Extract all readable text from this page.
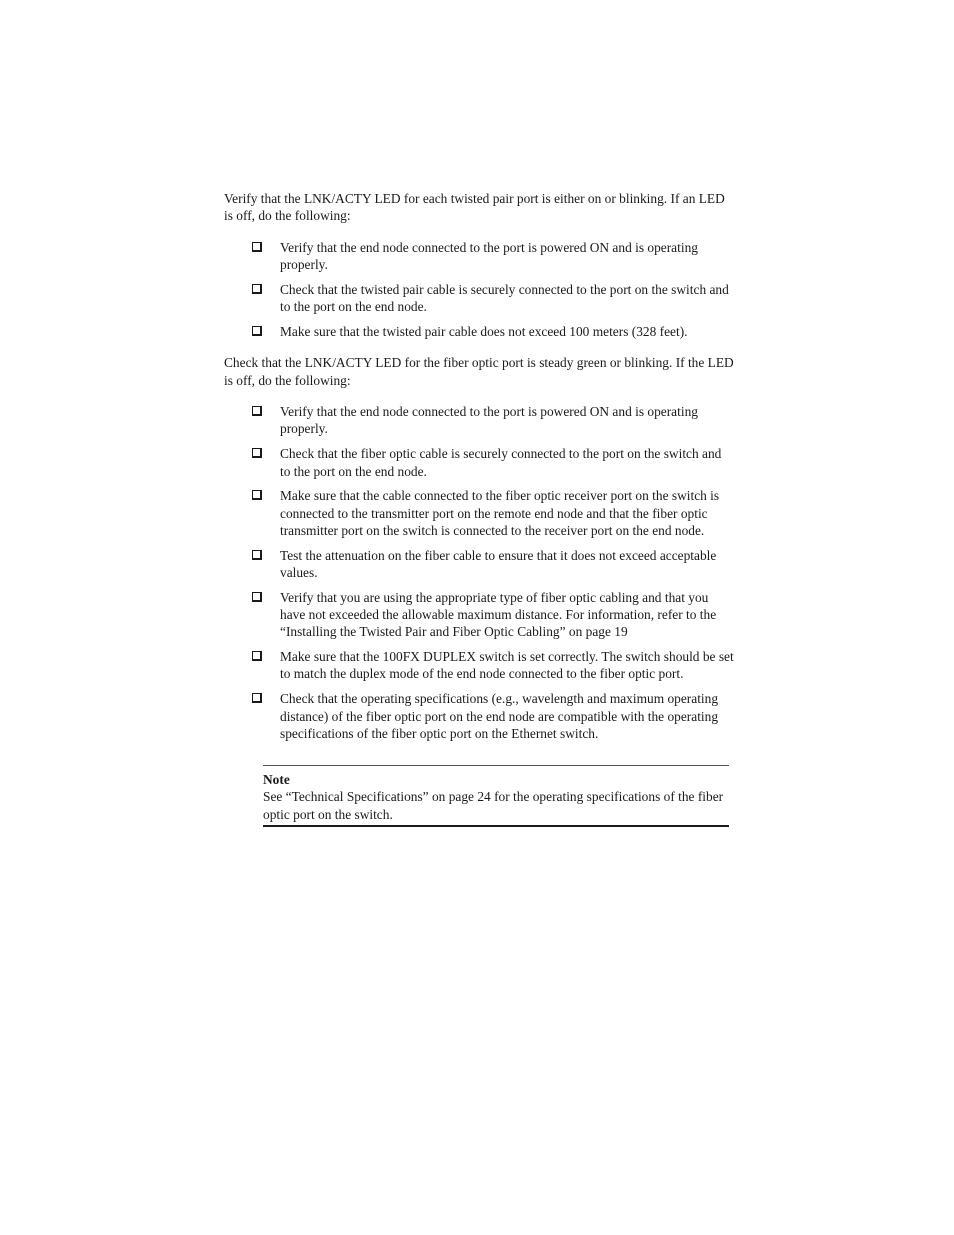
Verify that the LNK/ACTY LED for each twisted pair port is either on or blinking. If an LED is off, do the following:

Verify that the end node connected to the port is powered ON and is operating properly.
Check that the twisted pair cable is securely connected to the port on the switch and to the port on the end node.
Make sure that the twisted pair cable does not exceed 100 meters (328 feet).

Check that the LNK/ACTY LED for the fiber optic port is steady green or blinking. If the LED is off, do the following:

Verify that the end node connected to the port is powered ON and is operating properly.
Check that the fiber optic cable is securely connected to the port on the switch and to the port on the end node.
Make sure that the cable connected to the fiber optic receiver port on the switch is connected to the transmitter port on the remote end node and that the fiber optic transmitter port on the switch is connected to the receiver port on the end node.
Test the attenuation on the fiber cable to ensure that it does not exceed acceptable values.
Verify that you are using the appropriate type of fiber optic cabling and that you have not exceeded the allowable maximum distance. For information, refer to the “Installing the Twisted Pair and Fiber Optic Cabling” on page 19
Make sure that the 100FX DUPLEX switch is set correctly. The switch should be set to match the duplex mode of the end node connected to the fiber optic port.
Check that the operating specifications (e.g., wavelength and maximum operating distance) of the fiber optic port on the end node are compatible with the operating specifications of the fiber optic port on the Ethernet switch.
Note
See “Technical Specifications” on page 24 for the operating specifications of the fiber optic port on the switch.
